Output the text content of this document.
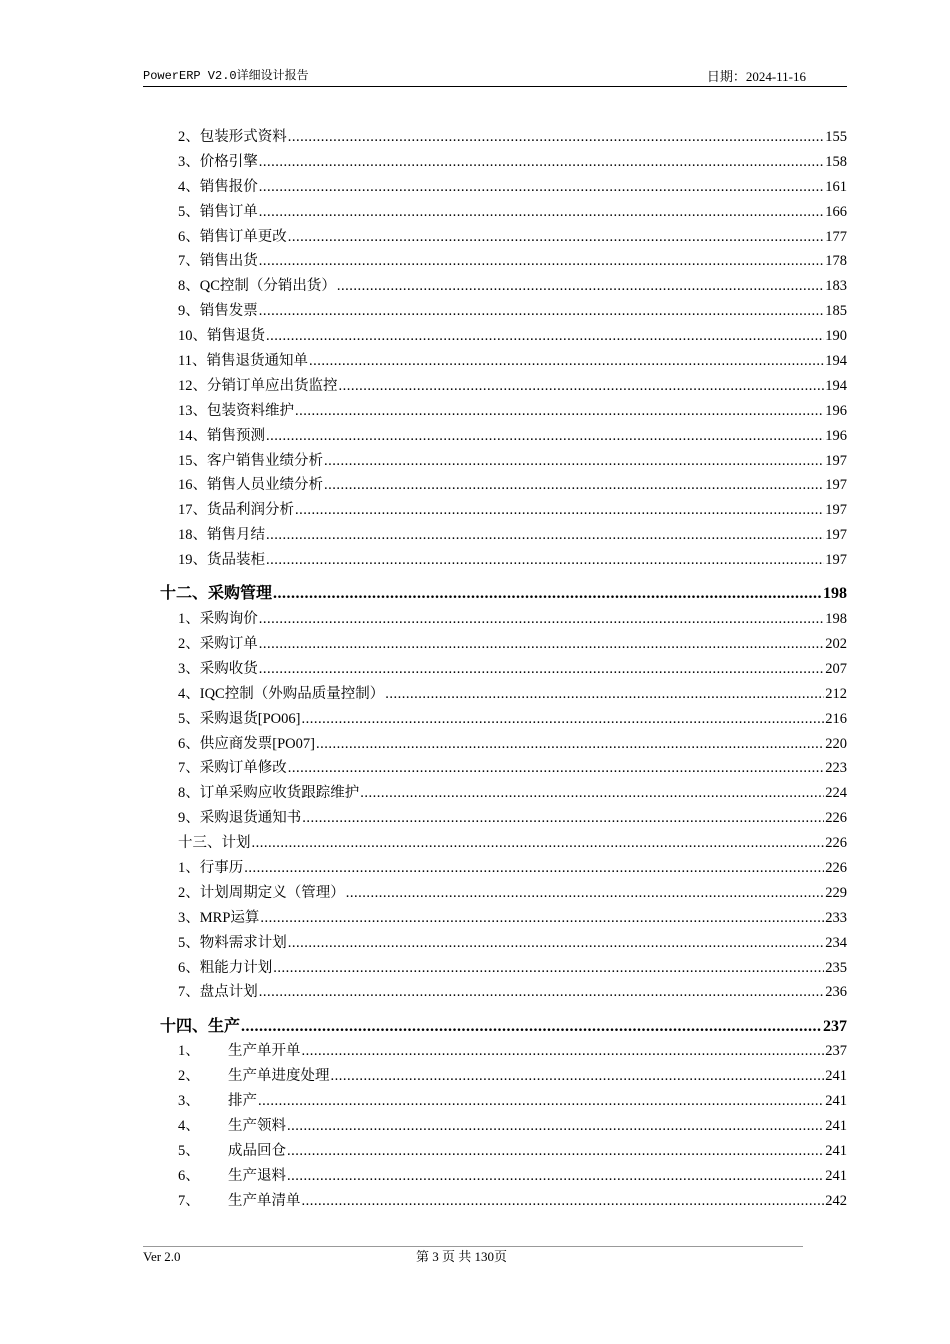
PowerERP V2.0详细设计报告	日期：2024-11-16
2、包装形式资料 .....	155
3、价格引擎 .....	158
4、销售报价 .....	161
5、销售订单 .....	166
6、销售订单更改 .....	177
7、销售出货 .....	178
8、QC控制（分销出货） .....	183
9、销售发票 .....	185
10、销售退货 .....	190
11、销售退货通知单 .....	194
12、分销订单应出货监控 .....	194
13、包装资料维护 .....	196
14、销售预测 .....	196
15、客户销售业绩分析 .....	197
16、销售人员业绩分析 .....	197
17、货品利润分析 .....	197
18、销售月结 .....	197
19、货品装柜 .....	197
十二、采购管理 .....	198
1、采购询价 .....	198
2、采购订单 .....	202
3、采购收货 .....	207
4、IQC控制（外购品质量控制） .....	212
5、采购退货[PO06] .....	216
6、供应商发票[PO07] .....	220
7、采购订单修改 .....	223
8、订单采购应收货跟踪维护 .....	224
9、采购退货通知书 .....	226
十三、计划 .....	226
1、行事历 .....	226
2、计划周期定义（管理） .....	229
3、MRP运算 .....	233
5、物料需求计划 .....	234
6、粗能力计划 .....	235
7、盘点计划 .....	236
十四、生产 .....	237
1、	生产单开单 .....	237
2、	生产单进度处理 .....	241
3、	排产 .....	241
4、	生产领料 .....	241
5、	成品回仓 .....	241
6、	生产退料 .....	241
7、	生产单清单 .....	242
Ver 2.0	第 3 页 共 130页
